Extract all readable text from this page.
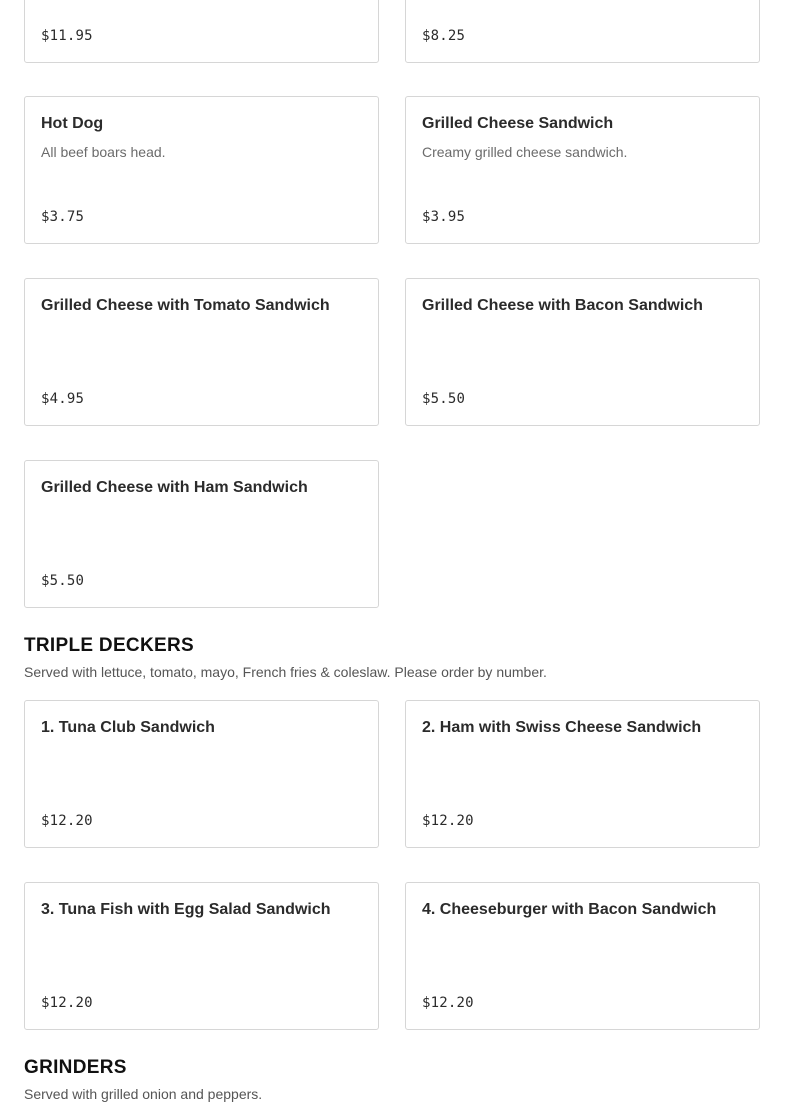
$11.95	$8.25
Hot Dog
All beef boars head.
$3.75
Grilled Cheese Sandwich
Creamy grilled cheese sandwich.
$3.95
Grilled Cheese with Tomato Sandwich
$4.95
Grilled Cheese with Bacon Sandwich
$5.50
Grilled Cheese with Ham Sandwich
$5.50
TRIPLE DECKERS
Served with lettuce, tomato, mayo, French fries & coleslaw. Please order by number.
1. Tuna Club Sandwich
$12.20
2. Ham with Swiss Cheese Sandwich
$12.20
3. Tuna Fish with Egg Salad Sandwich
$12.20
4. Cheeseburger with Bacon Sandwich
$12.20
GRINDERS
Served with grilled onion and peppers.
